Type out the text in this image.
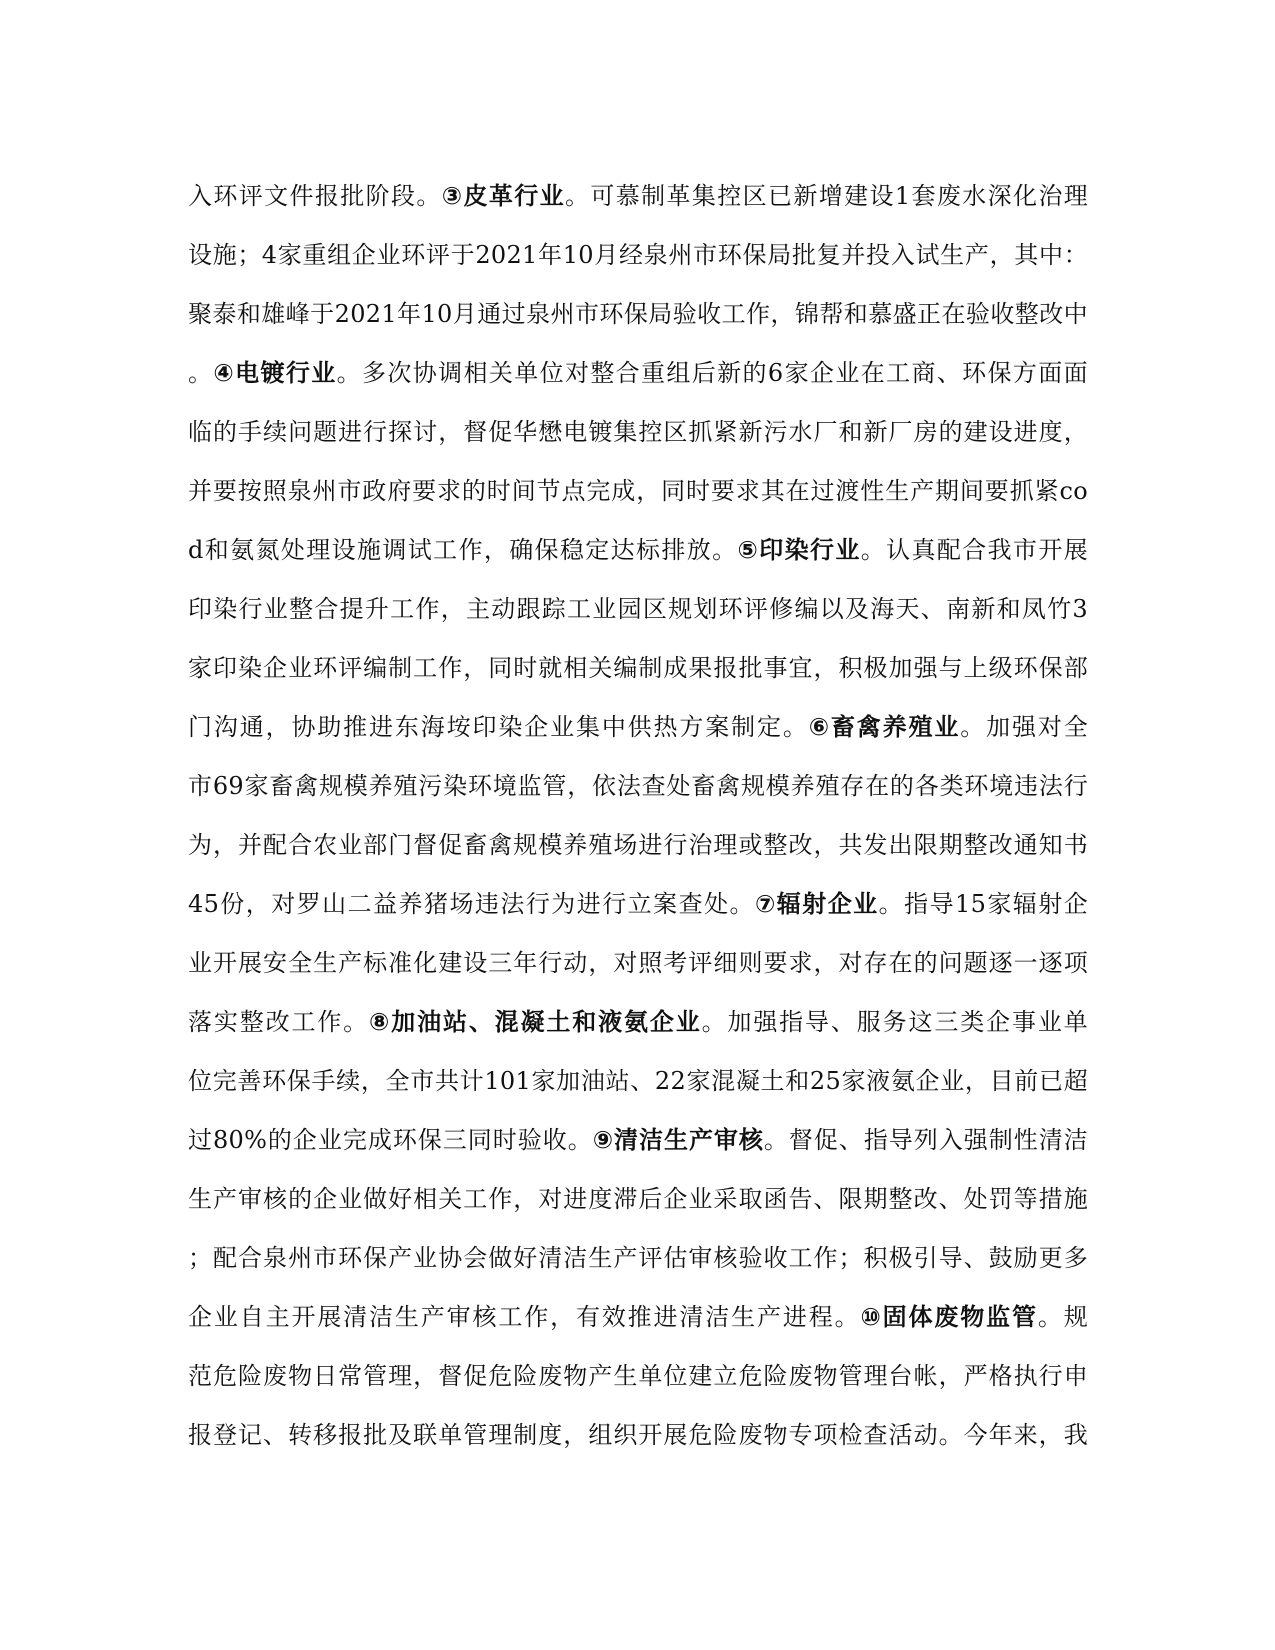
入环评文件报批阶段。③皮革行业。可慕制革集控区已新增建设1套废水深化治理
设施；4家重组企业环评于2021年10月经泉州市环保局批复并投入试生产，其中：
聚泰和雄峰于2021年10月通过泉州市环保局验收工作，锦帮和慕盛正在验收整改中
。④电镀行业。多次协调相关单位对整合重组后新的6家企业在工商、环保方面面
临的手续问题进行探讨，督促华懋电镀集控区抓紧新污水厂和新厂房的建设进度，
并要按照泉州市政府要求的时间节点完成，同时要求其在过渡性生产期间要抓紧co
d和氨氮处理设施调试工作，确保稳定达标排放。⑤印染行业。认真配合我市开展
印染行业整合提升工作，主动跟踪工业园区规划环评修编以及海天、南新和凤竹3
家印染企业环评编制工作，同时就相关编制成果报批事宜，积极加强与上级环保部
门沟通，协助推进东海垵印染企业集中供热方案制定。⑥畜禽养殖业。加强对全
市69家畜禽规模养殖污染环境监管，依法查处畜禽规模养殖存在的各类环境违法行
为，并配合农业部门督促畜禽规模养殖场进行治理或整改，共发出限期整改通知书
45份，对罗山二益养猪场违法行为进行立案查处。⑦辐射企业。指导15家辐射企
业开展安全生产标准化建设三年行动，对照考评细则要求，对存在的问题逐一逐项
落实整改工作。⑧加油站、混凝土和液氨企业。加强指导、服务这三类企事业单
位完善环保手续，全市共计101家加油站、22家混凝土和25家液氨企业，目前已超
过80%的企业完成环保三同时验收。⑨清洁生产审核。督促、指导列入强制性清洁
生产审核的企业做好相关工作，对进度滞后企业采取函告、限期整改、处罚等措施
；配合泉州市环保产业协会做好清洁生产评估审核验收工作；积极引导、鼓励更多
企业自主开展清洁生产审核工作，有效推进清洁生产进程。⑩固体废物监管。规
范危险废物日常管理，督促危险废物产生单位建立危险废物管理台帐，严格执行申
报登记、转移报批及联单管理制度，组织开展危险废物专项检查活动。今年来，我
